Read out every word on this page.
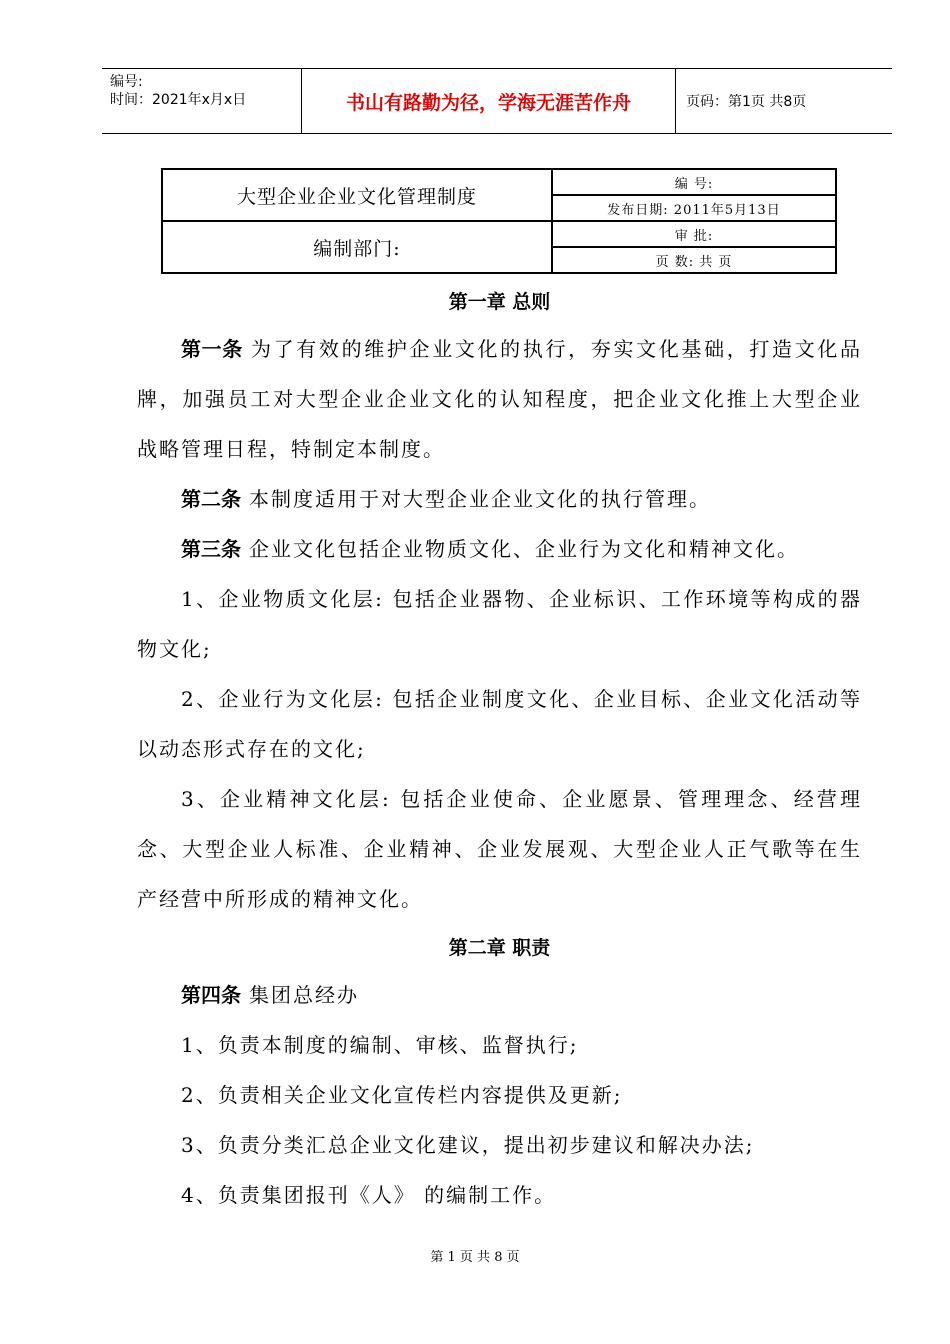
编号:
时间：2021年x月x日	书山有路勤为径，学海无涯苦作舟	页码：第1页 共8页
大型企业企业文化管理制度	编 号:
	发布日期: 2011年5月13日
编制部门:	审 批:
	页 数: 共 页

第一章 总则

第一条 为了有效的维护企业文化的执行，夯实文化基础，打造文化品牌，加强员工对大型企业企业文化的认知程度，把企业文化推上大型企业战略管理日程，特制定本制度。

第二条 本制度适用于对大型企业企业文化的执行管理。

第三条 企业文化包括企业物质文化、企业行为文化和精神文化。

1、企业物质文化层: 包括企业器物、企业标识、工作环境等构成的器物文化;

2、企业行为文化层: 包括企业制度文化、企业目标、企业文化活动等以动态形式存在的文化;

3、企业精神文化层: 包括企业使命、企业愿景、管理理念、经营理念、大型企业人标准、企业精神、企业发展观、大型企业人正气歌等在生产经营中所形成的精神文化。

第二章 职责

第四条 集团总经办

1、负责本制度的编制、审核、监督执行;

2、负责相关企业文化宣传栏内容提供及更新;

3、负责分类汇总企业文化建议，提出初步建议和解决办法;

4、负责集团报刊《人》 的编制工作。

第 1 页 共 8 页
